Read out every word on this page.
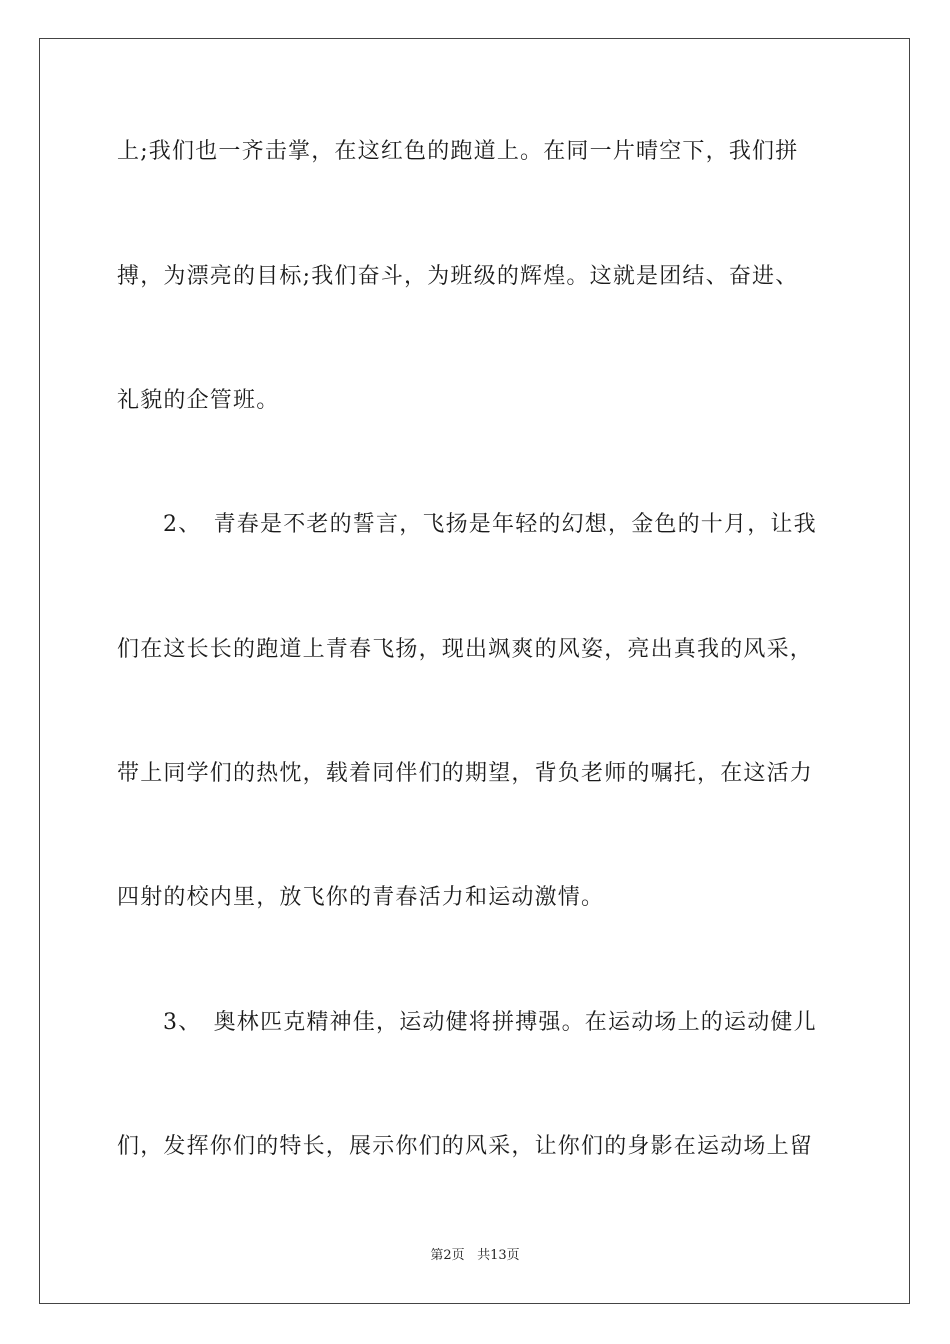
上;我们也一齐击掌，在这红色的跑道上。在同一片晴空下，我们拼
搏，为漂亮的目标;我们奋斗，为班级的辉煌。这就是团结、奋进、
礼貌的企管班。
2、　青春是不老的誓言，飞扬是年轻的幻想，金色的十月，让我
们在这长长的跑道上青春飞扬，现出飒爽的风姿，亮出真我的风采，
带上同学们的热忱，载着同伴们的期望，背负老师的嘱托，在这活力
四射的校内里，放飞你的青春活力和运动激情。
3、　奥林匹克精神佳，运动健将拼搏强。在运动场上的运动健儿
们，发挥你们的特长，展示你们的风采，让你们的身影在运动场上留
第2页 共13页
